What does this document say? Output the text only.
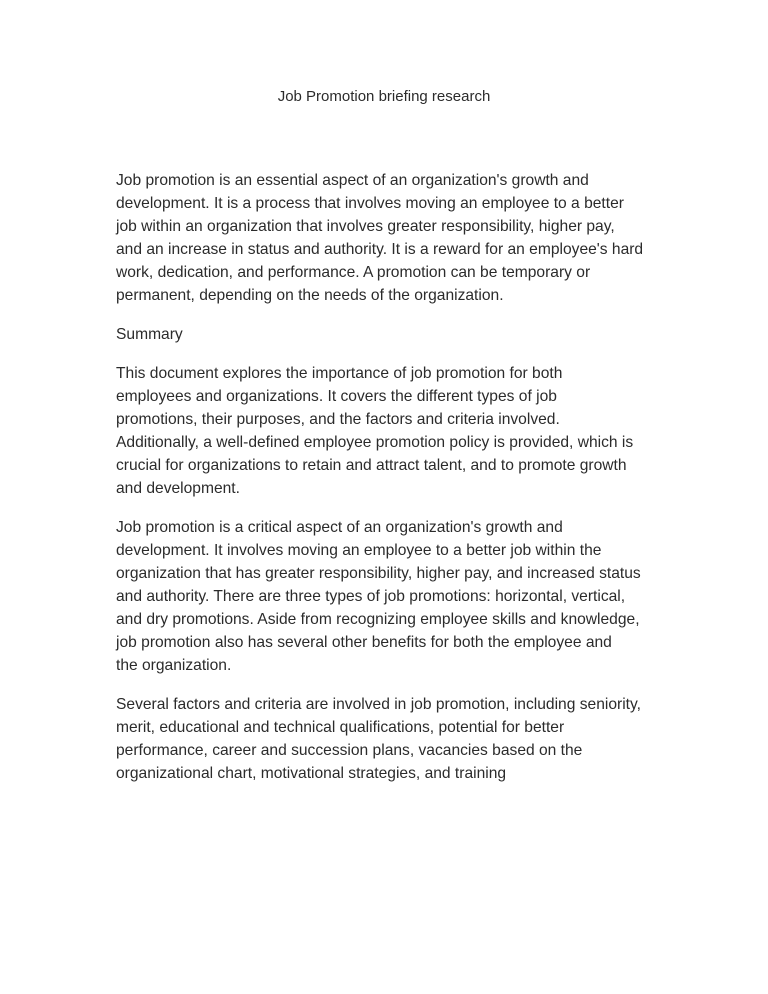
Job Promotion briefing research
Job promotion is an essential aspect of an organization's growth and
development. It is a process that involves moving an employee to a better
job within an organization that involves greater responsibility, higher pay,
and an increase in status and authority. It is a reward for an employee's hard
work, dedication, and performance. A promotion can be temporary or
permanent, depending on the needs of the organization.
Summary
This document explores the importance of job promotion for both
employees and organizations. It covers the different types of job
promotions, their purposes, and the factors and criteria involved.
Additionally, a well-defined employee promotion policy is provided, which is
crucial for organizations to retain and attract talent, and to promote growth
and development.
Job promotion is a critical aspect of an organization's growth and
development. It involves moving an employee to a better job within the
organization that has greater responsibility, higher pay, and increased status
and authority. There are three types of job promotions: horizontal, vertical,
and dry promotions. Aside from recognizing employee skills and knowledge,
job promotion also has several other benefits for both the employee and
the organization.
Several factors and criteria are involved in job promotion, including seniority,
merit, educational and technical qualifications, potential for better
performance, career and succession plans, vacancies based on the
organizational chart, motivational strategies, and training
